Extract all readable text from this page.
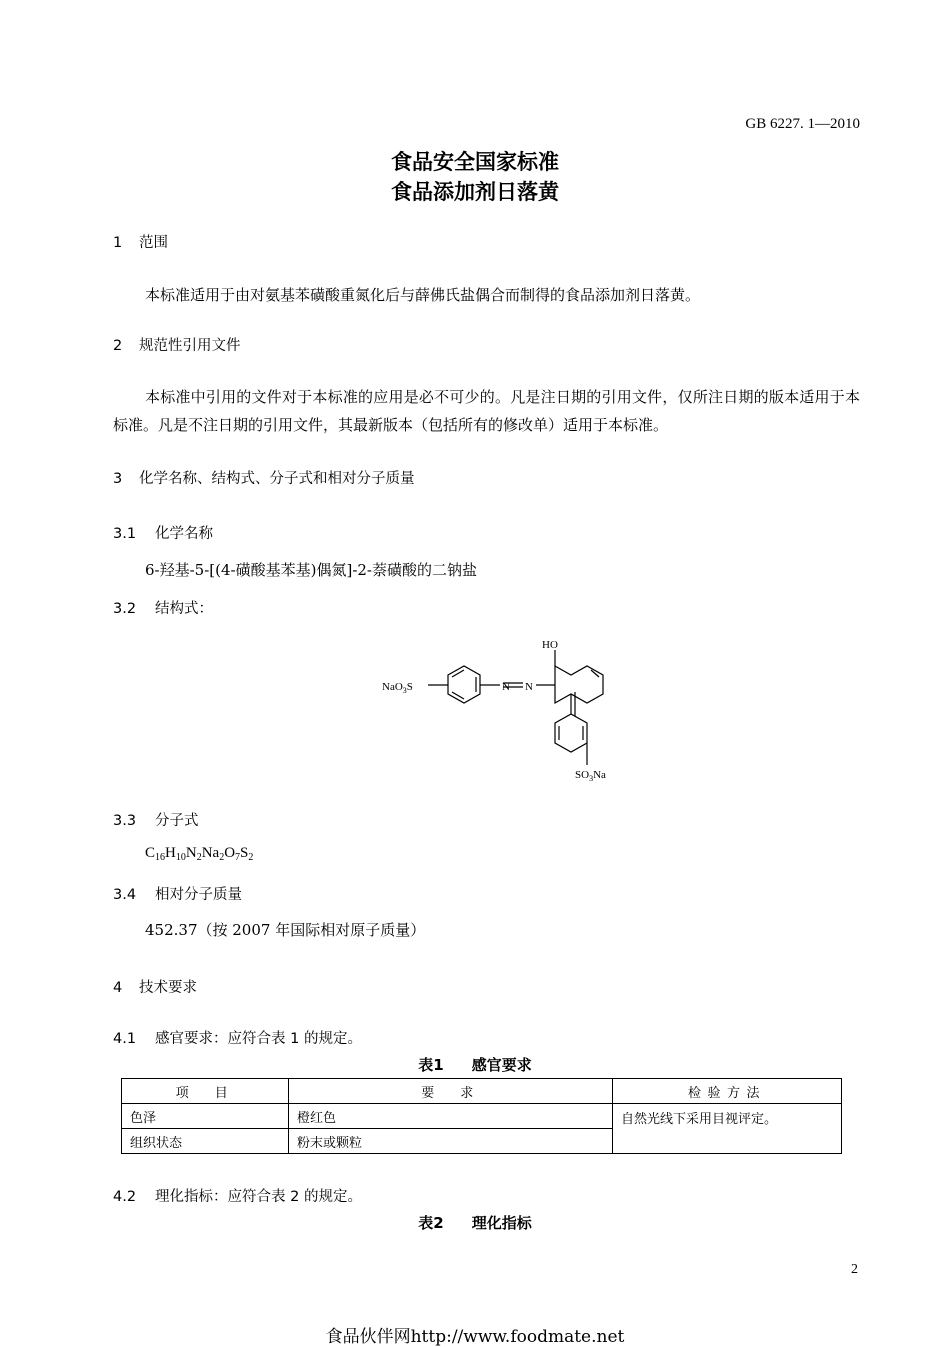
GB 6227. 1—2010
食品安全国家标准
食品添加剂日落黄
1 范围
本标准适用于由对氨基苯磺酸重氮化后与薛佛氏盐偶合而制得的食品添加剂日落黄。
2 规范性引用文件
本标准中引用的文件对于本标准的应用是必不可少的。凡是注日期的引用文件，仅所注日期的版本适用于本标准。凡是不注日期的引用文件，其最新版本（包括所有的修改单）适用于本标准。
3 化学名称、结构式、分子式和相对分子质量
3.1 化学名称
6-羟基-5-[(4-磺酸基苯基)偶氮]-2-萘磺酸的二钠盐
3.2 结构式：
N N
HO
NaO$_3$S
$SO_3Na$
3.3 分子式
$C_{16}H_{10}N_2Na_2O_7S_2$
3.4 相对分子质量
452.37（按 2007 年国际相对原子质量）
4 技术要求
4.1 感官要求：应符合表 1 的规定。
表1 感官要求
项　目	要　求	检验方法
色泽	橙红色	自然光线下采用目视评定。
组织状态	粉末或颗粒	
4.2 理化指标：应符合表 2 的规定。
表2 理化指标
2
食品伙伴网http://www.foodmate.net
